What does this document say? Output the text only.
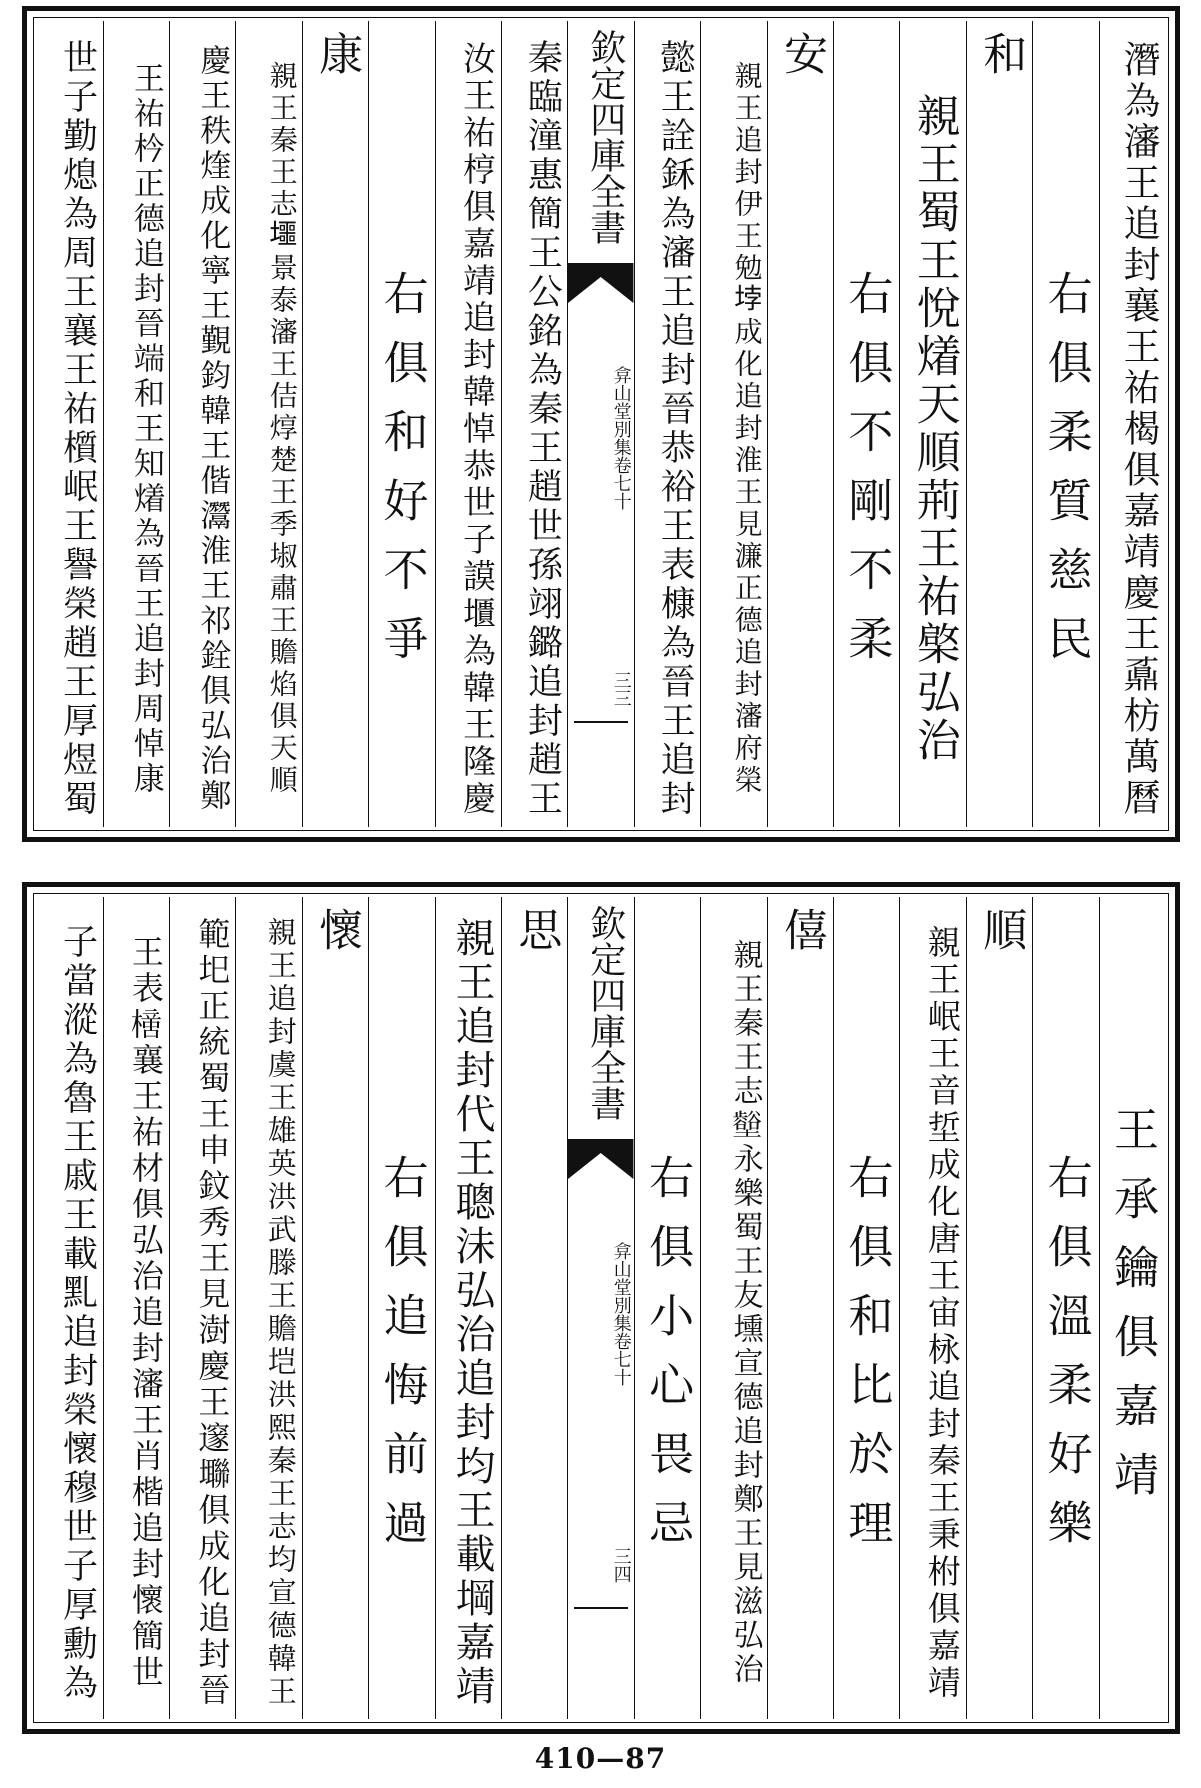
潛為瀋王追封襄王祐楬俱嘉靖慶王鼒枋萬曆
右俱柔質慈民
和
親王蜀王悅𤏲天順荊王祐𣘼弘治
右俱不剛不柔
安
親王追封伊王勉𡋯成化追封淮王見濂正德追封瀋府榮
懿王詮鉌為瀋王追封晉恭裕王表槺為晉王追封
欽定四庫全書
弇山堂別集
卷七十
三三
秦臨潼惠簡王公銘為秦王趙世孫翊鏴追封趙王
汝王祐梈俱嘉靖追封韓悼恭世子謨㙺為韓王隆慶
右俱和好不爭
康
親王秦王志𡓐景泰瀋王佶焞楚王季埱肅王贍焰俱天順
慶王秩煃成化寧王覲鈞韓王偕灊淮王祁銓俱弘治鄭
王祐枔正德追封晉端和王知𤏲為晉王追封周悼康
世子勤熄為周王襄王祐櫍岷王譽榮趙王厚煜蜀
王承鑰俱嘉靖
右俱溫柔好樂
順
親王岷王音埑成化唐王宙栐追封秦王秉柎俱嘉靖
右俱和比於理
僖
親王秦王志𡓼永樂蜀王友壎宣德追封鄭王見滋弘治
右俱小心畏忌
欽定四庫全書
弇山堂別集
卷七十
三四
思
親王追封代王聰沬弘治追封均王載堈嘉靖
右俱追悔前過
懷
親王追封虞王雄英洪武滕王贍垲洪熙秦王志均宣德韓王
範圯正統蜀王申鈫秀王見澍慶王邃壣俱成化追封晉
王表𣚍襄王祐材俱弘治追封瀋王肖楷追封懷簡世
子當漎為魯王戚王載䵝追封榮懷穆世子厚勳為
410—87
